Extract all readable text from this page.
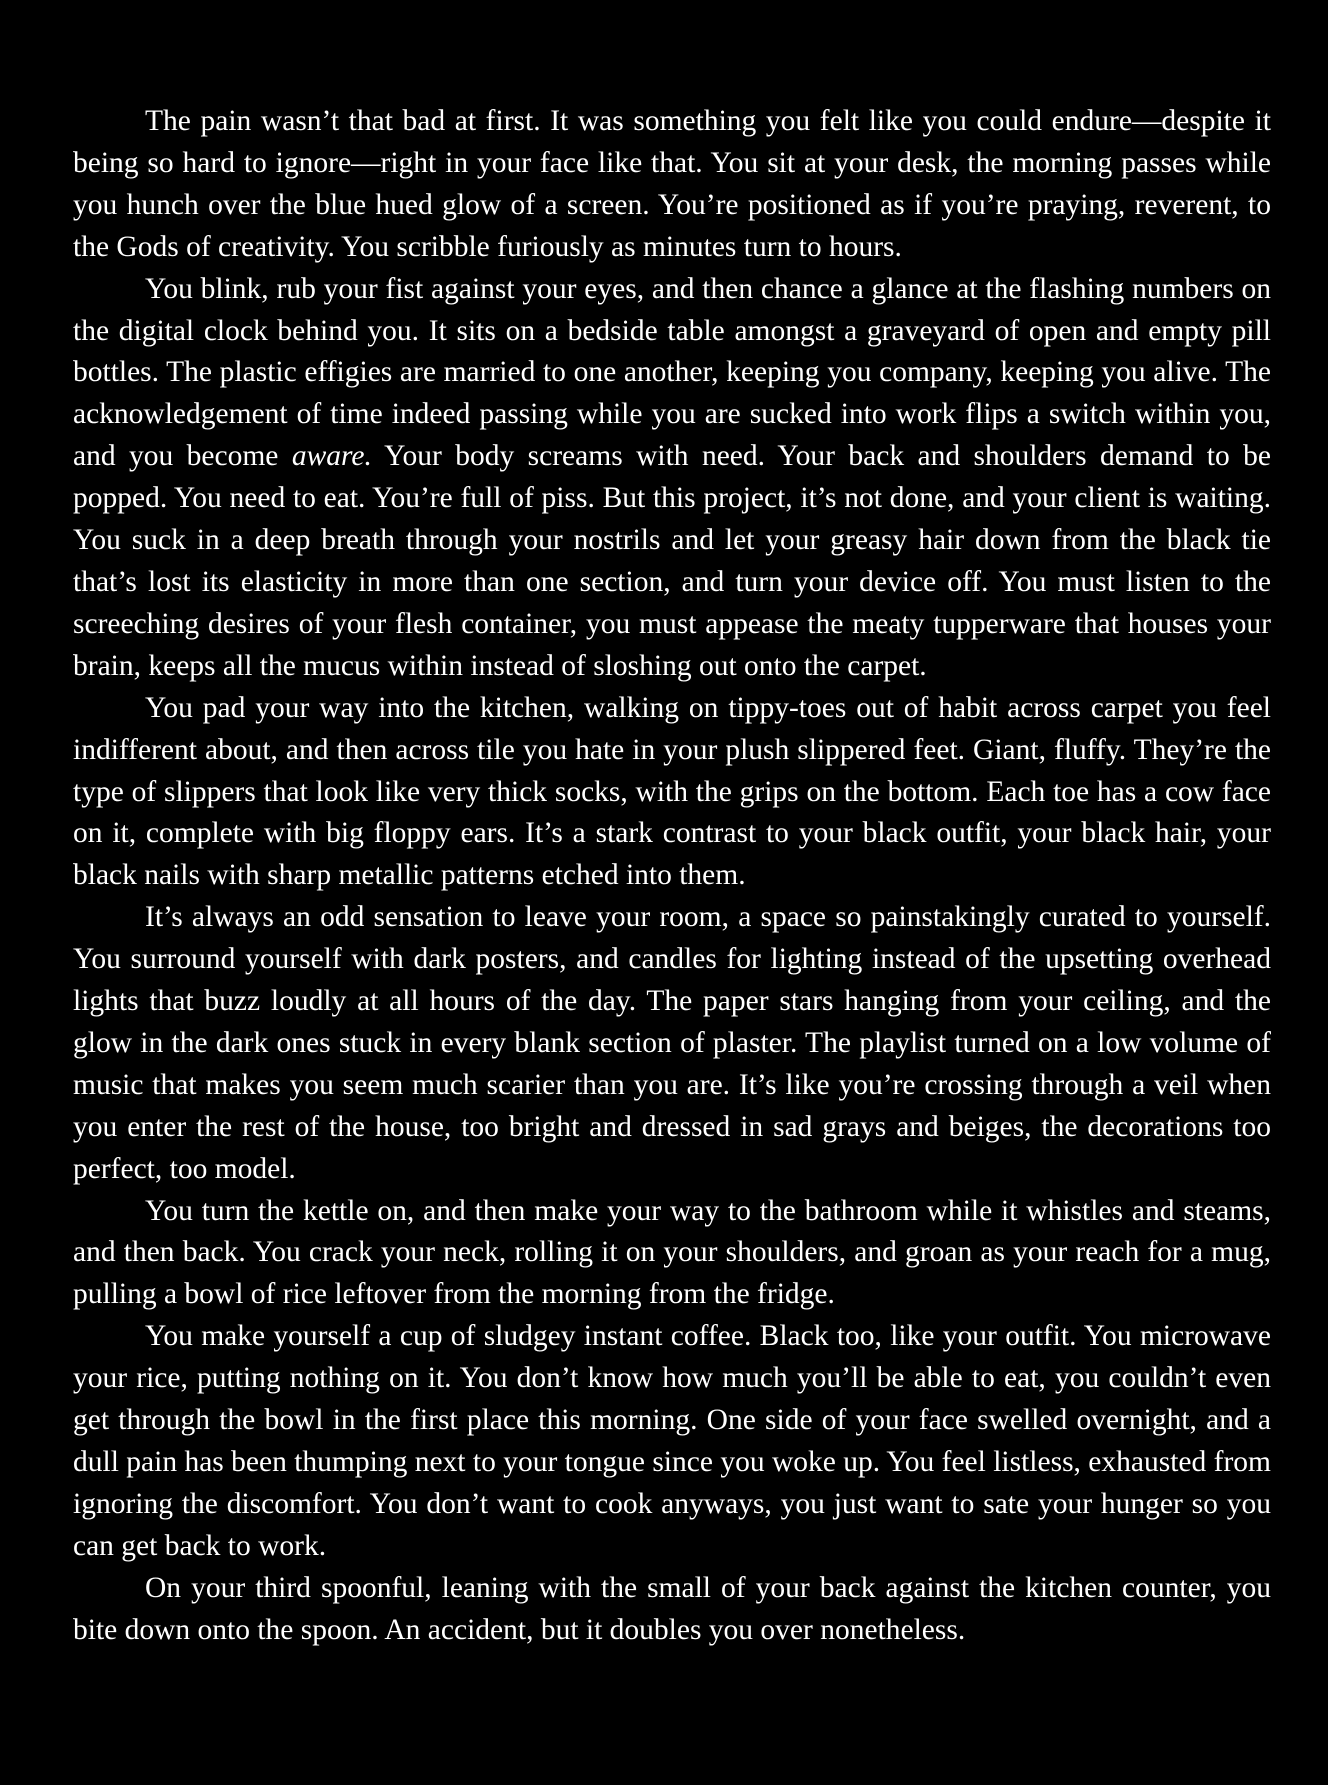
The pain wasn’t that bad at first. It was something you felt like you could endure—despite it being so hard to ignore—right in your face like that. You sit at your desk, the morning passes while you hunch over the blue hued glow of a screen. You’re positioned as if you’re praying, reverent, to the Gods of creativity. You scribble furiously as minutes turn to hours.

You blink, rub your fist against your eyes, and then chance a glance at the flashing numbers on the digital clock behind you. It sits on a bedside table amongst a graveyard of open and empty pill bottles. The plastic effigies are married to one another, keeping you company, keeping you alive. The acknowledgement of time indeed passing while you are sucked into work flips a switch within you, and you become aware. Your body screams with need. Your back and shoulders demand to be popped. You need to eat. You’re full of piss. But this project, it’s not done, and your client is waiting. You suck in a deep breath through your nostrils and let your greasy hair down from the black tie that’s lost its elasticity in more than one section, and turn your device off. You must listen to the screeching desires of your flesh container, you must appease the meaty tupperware that houses your brain, keeps all the mucus within instead of sloshing out onto the carpet.

You pad your way into the kitchen, walking on tippy-toes out of habit across carpet you feel indifferent about, and then across tile you hate in your plush slippered feet. Giant, fluffy. They’re the type of slippers that look like very thick socks, with the grips on the bottom. Each toe has a cow face on it, complete with big floppy ears. It’s a stark contrast to your black outfit, your black hair, your black nails with sharp metallic patterns etched into them.

It’s always an odd sensation to leave your room, a space so painstakingly curated to yourself. You surround yourself with dark posters, and candles for lighting instead of the upsetting overhead lights that buzz loudly at all hours of the day. The paper stars hanging from your ceiling, and the glow in the dark ones stuck in every blank section of plaster. The playlist turned on a low volume of music that makes you seem much scarier than you are. It’s like you’re crossing through a veil when you enter the rest of the house, too bright and dressed in sad grays and beiges, the decorations too perfect, too model.

You turn the kettle on, and then make your way to the bathroom while it whistles and steams, and then back. You crack your neck, rolling it on your shoulders, and groan as your reach for a mug, pulling a bowl of rice leftover from the morning from the fridge.

You make yourself a cup of sludgey instant coffee. Black too, like your outfit. You microwave your rice, putting nothing on it. You don’t know how much you’ll be able to eat, you couldn’t even get through the bowl in the first place this morning. One side of your face swelled overnight, and a dull pain has been thumping next to your tongue since you woke up. You feel listless, exhausted from ignoring the discomfort. You don’t want to cook anyways, you just want to sate your hunger so you can get back to work.

On your third spoonful, leaning with the small of your back against the kitchen counter, you bite down onto the spoon. An accident, but it doubles you over nonetheless.
